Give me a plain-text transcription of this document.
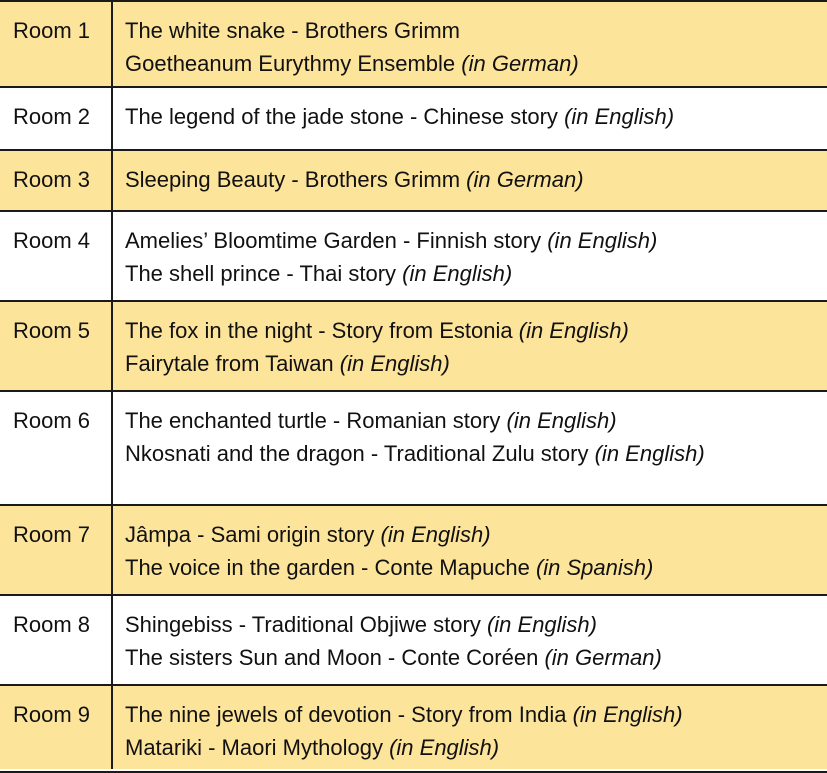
Room 1	The white snake - Brothers Grimm
Goetheanum Eurythmy Ensemble (in German)
Room 2	The legend of the jade stone - Chinese story (in English)
Room 3	Sleeping Beauty - Brothers Grimm (in German)
Room 4	Amelies’ Bloomtime Garden - Finnish story (in English)
The shell prince - Thai story (in English)
Room 5	The fox in the night - Story from Estonia (in English)
Fairytale from Taiwan (in English)
Room 6	The enchanted turtle - Romanian story (in English)
Nkosnati and the dragon - Traditional Zulu story (in English)
Room 7	Jâmpa - Sami origin story (in English)
The voice in the garden - Conte Mapuche (in Spanish)
Room 8	Shingebiss - Traditional Objiwe story (in English)
The sisters Sun and Moon - Conte Coréen (in German)
Room 9	The nine jewels of devotion - Story from India (in English)
Matariki - Maori Mythology (in English)
